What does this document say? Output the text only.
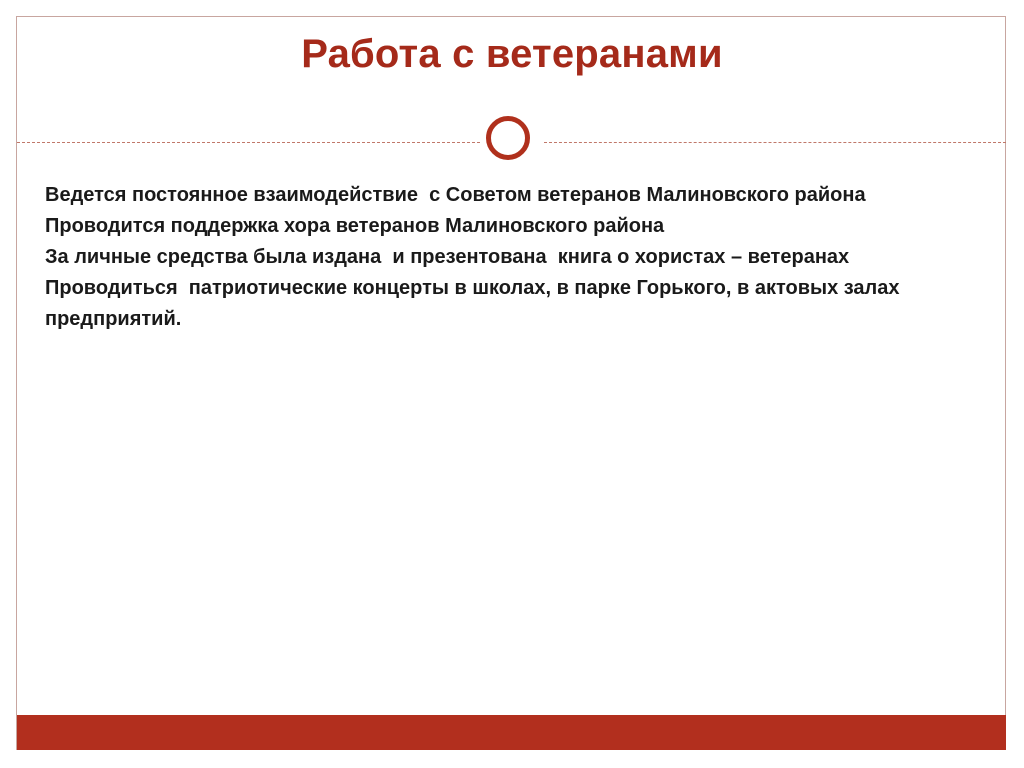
Работа с ветеранами

Ведется постоянное взаимодействие  с Советом ветеранов Малиновского района

Проводится поддержка хора ветеранов Малиновского района

За личные средства была издана  и презентована  книга о хористах – ветеранах

Проводиться  патриотические концерты в школах, в парке Горького, в актовых залах предприятий.
